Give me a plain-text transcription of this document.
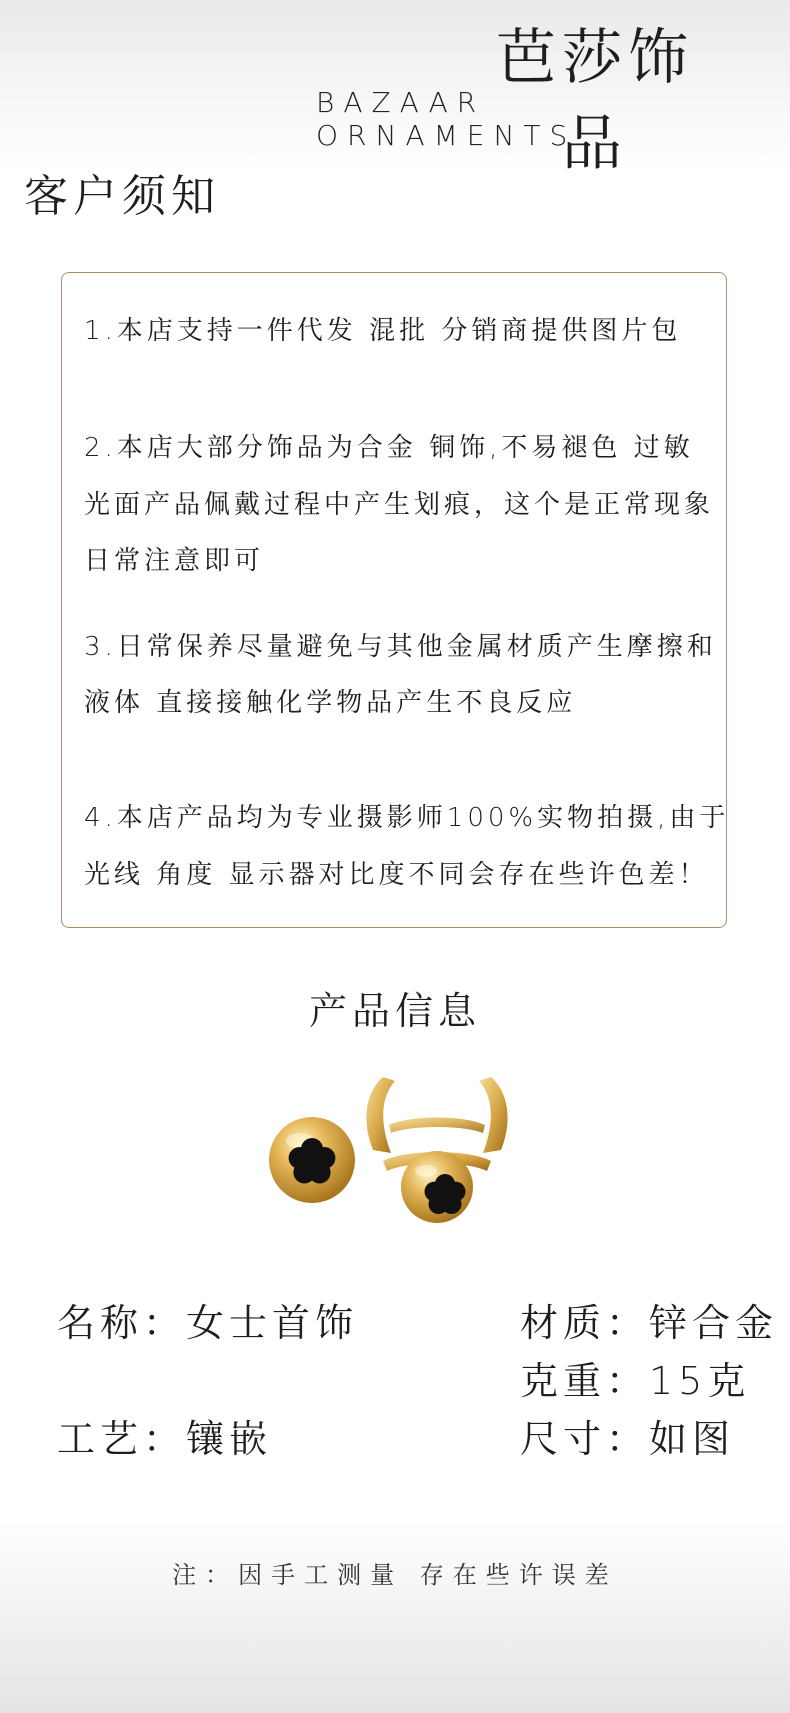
芭莎饰品
BAZAAR ORNAMENTS
客户须知
1.本店支持一件代发 混批 分销商提供图片包
2.本店大部分饰品为合金 铜饰,不易褪色 过敏
光面产品佩戴过程中产生划痕，这个是正常现象
日常注意即可
3.日常保养尽量避免与其他金属材质产生摩擦和
液体 直接接触化学物品产生不良反应
4.本店产品均为专业摄影师100%实物拍摄,由于
光线 角度 显示器对比度不同会存在些许色差！
产品信息
名称：女士首饰
工艺：镶嵌
材质：锌合金
克重：15克
尺寸：如图
注：因手工测量 存在些许误差
